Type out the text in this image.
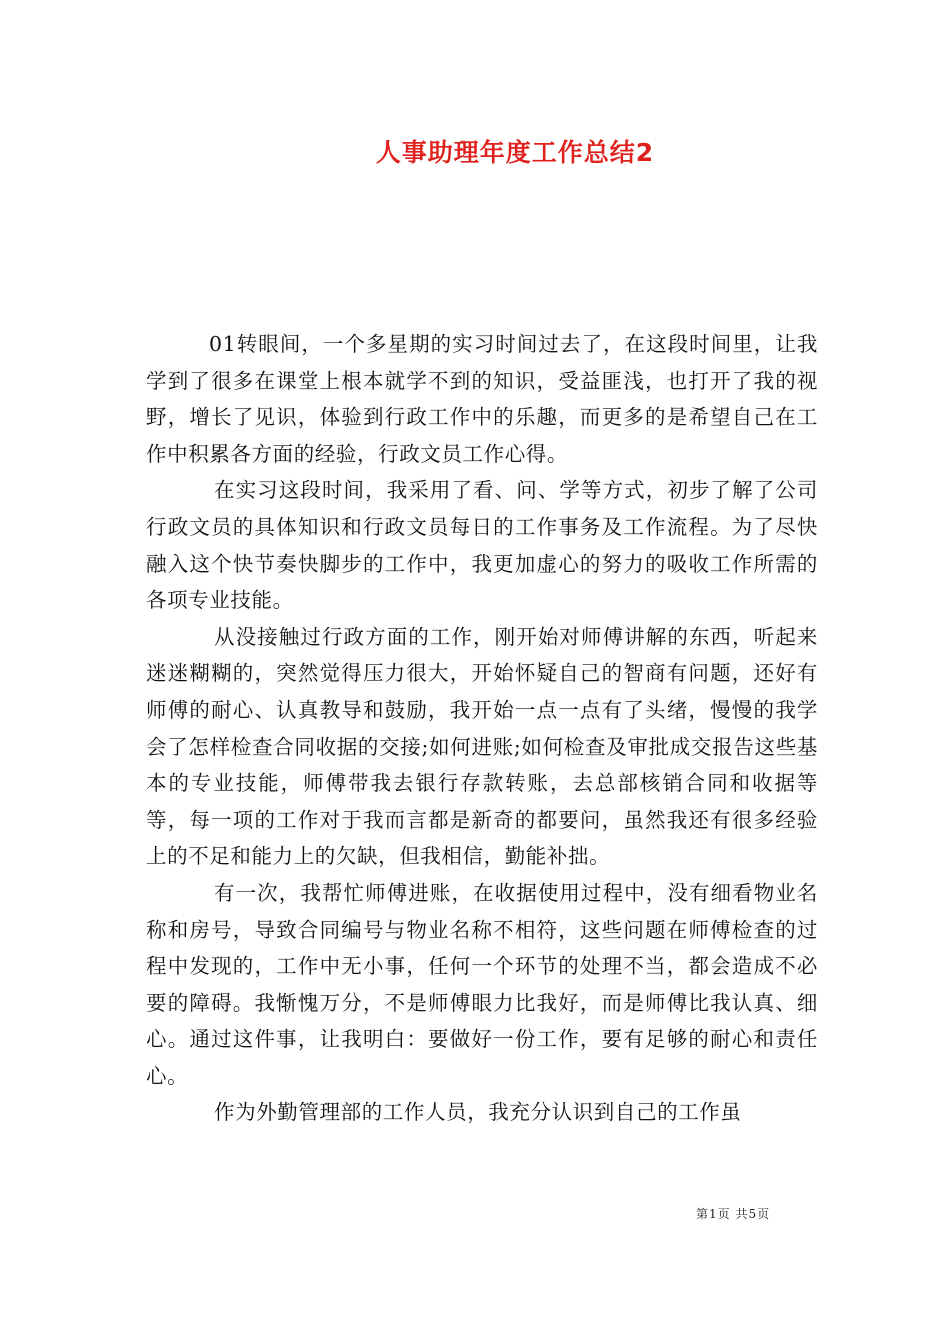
人事助理年度工作总结2

01转眼间，一个多星期的实习时间过去了，在这段时间里，让我学到了很多在课堂上根本就学不到的知识，受益匪浅，也打开了我的视野，增长了见识，体验到行政工作中的乐趣，而更多的是希望自己在工作中积累各方面的经验，行政文员工作心得。

在实习这段时间，我采用了看、问、学等方式，初步了解了公司行政文员的具体知识和行政文员每日的工作事务及工作流程。为了尽快融入这个快节奏快脚步的工作中，我更加虚心的努力的吸收工作所需的各项专业技能。

从没接触过行政方面的工作，刚开始对师傅讲解的东西，听起来迷迷糊糊的，突然觉得压力很大，开始怀疑自己的智商有问题，还好有师傅的耐心、认真教导和鼓励，我开始一点一点有了头绪，慢慢的我学会了怎样检查合同收据的交接;如何进账;如何检查及审批成交报告这些基本的专业技能，师傅带我去银行存款转账，去总部核销合同和收据等等，每一项的工作对于我而言都是新奇的都要问，虽然我还有很多经验上的不足和能力上的欠缺，但我相信，勤能补拙。

有一次，我帮忙师傅进账，在收据使用过程中，没有细看物业名称和房号，导致合同编号与物业名称不相符，这些问题在师傅检查的过程中发现的，工作中无小事，任何一个环节的处理不当，都会造成不必要的障碍。我惭愧万分，不是师傅眼力比我好，而是师傅比我认真、细心。通过这件事，让我明白：要做好一份工作，要有足够的耐心和责任心。

作为外勤管理部的工作人员，我充分认识到自己的工作虽

第1页 共5页
